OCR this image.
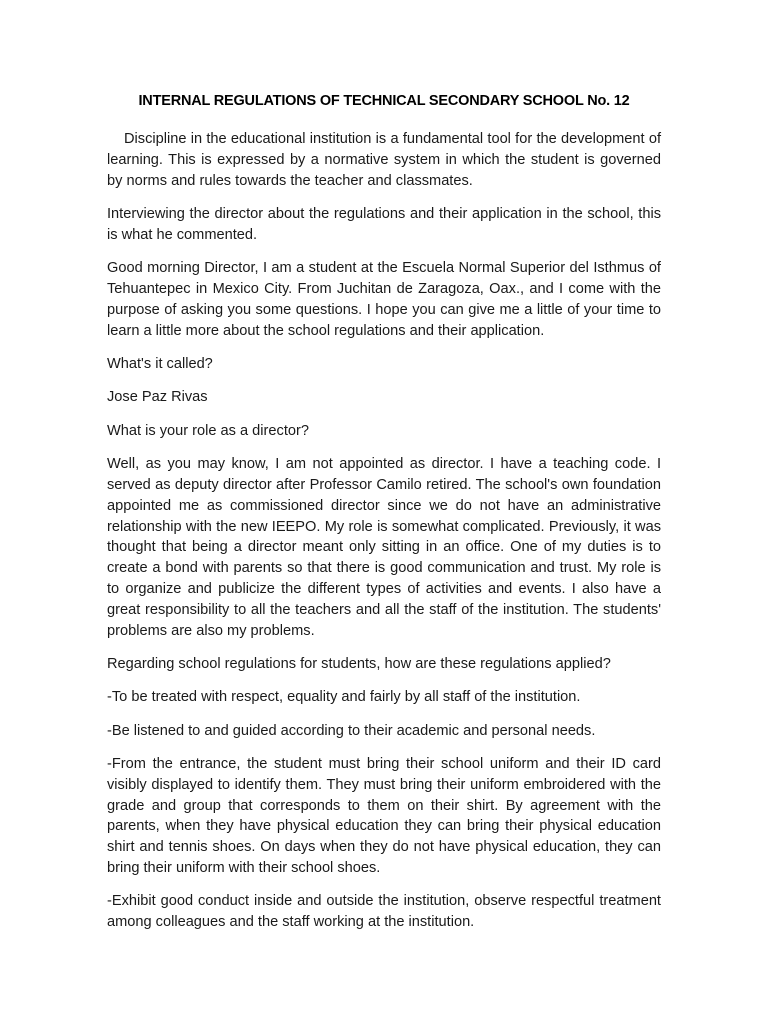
INTERNAL REGULATIONS OF TECHNICAL SECONDARY SCHOOL No. 12

Discipline in the educational institution is a fundamental tool for the development of learning. This is expressed by a normative system in which the student is governed by norms and rules towards the teacher and classmates.

Interviewing the director about the regulations and their application in the school, this is what he commented.

Good morning Director, I am a student at the Escuela Normal Superior del Isthmus of Tehuantepec in Mexico City. From Juchitan de Zaragoza, Oax., and I come with the purpose of asking you some questions. I hope you can give me a little of your time to learn a little more about the school regulations and their application.

What's it called?

Jose Paz Rivas

What is your role as a director?

Well, as you may know, I am not appointed as director. I have a teaching code. I served as deputy director after Professor Camilo retired. The school's own foundation appointed me as commissioned director since we do not have an administrative relationship with the new IEEPO. My role is somewhat complicated. Previously, it was thought that being a director meant only sitting in an office. One of my duties is to create a bond with parents so that there is good communication and trust. My role is to organize and publicize the different types of activities and events. I also have a great responsibility to all the teachers and all the staff of the institution. The students' problems are also my problems.

Regarding school regulations for students, how are these regulations applied?

-To be treated with respect, equality and fairly by all staff of the institution.

-Be listened to and guided according to their academic and personal needs.

-From the entrance, the student must bring their school uniform and their ID card visibly displayed to identify them. They must bring their uniform embroidered with the grade and group that corresponds to them on their shirt. By agreement with the parents, when they have physical education they can bring their physical education shirt and tennis shoes. On days when they do not have physical education, they can bring their uniform with their school shoes.

-Exhibit good conduct inside and outside the institution, observe respectful treatment among colleagues and the staff working at the institution.
